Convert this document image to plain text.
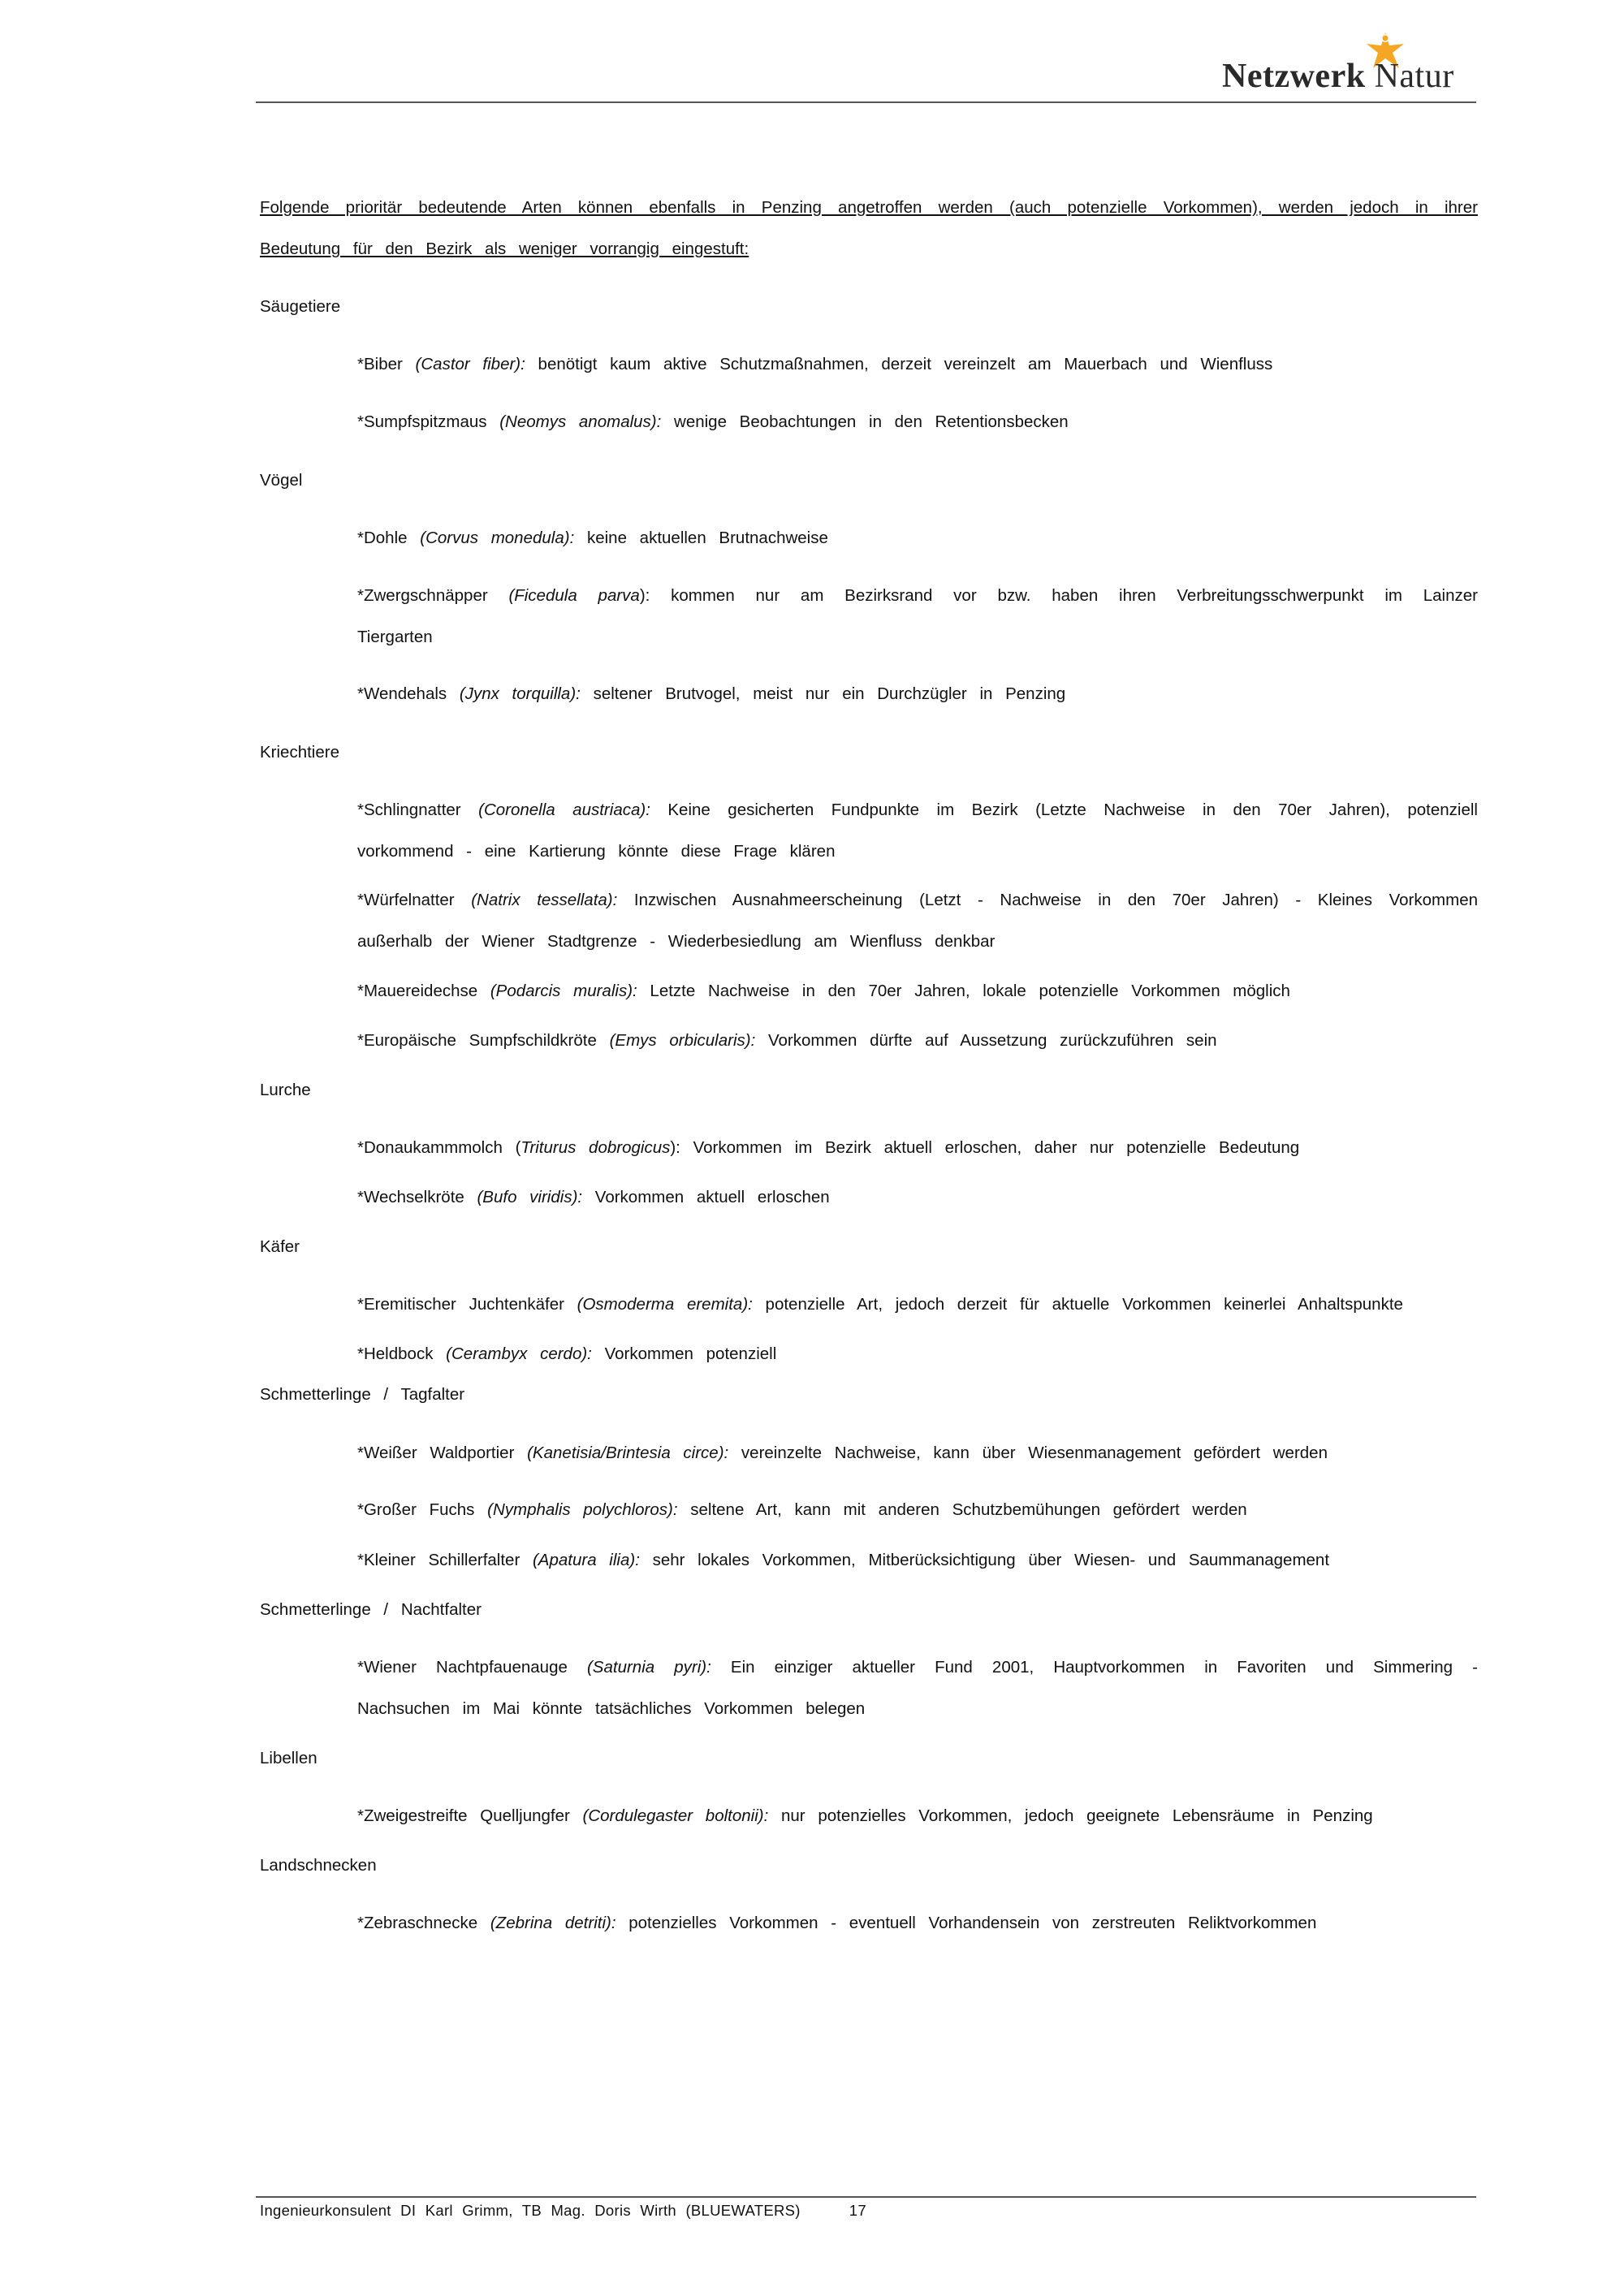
Netzwerk Natur
Folgende prioritär bedeutende Arten können ebenfalls in Penzing angetroffen werden (auch potenzielle Vorkommen), werden jedoch in ihrer
Bedeutung für den Bezirk als weniger vorrangig eingestuft:
Säugetiere
*Biber (Castor fiber): benötigt kaum aktive Schutzmaßnahmen, derzeit vereinzelt am Mauerbach und Wienfluss
*Sumpfspitzmaus (Neomys anomalus): wenige Beobachtungen in den Retentionsbecken
Vögel
*Dohle (Corvus monedula): keine aktuellen Brutnachweise
*Zwergschnäpper (Ficedula parva): kommen nur am Bezirksrand vor bzw. haben ihren Verbreitungsschwerpunkt im Lainzer
Tiergarten
*Wendehals (Jynx torquilla): seltener Brutvogel, meist nur ein Durchzügler in Penzing
Kriechtiere
*Schlingnatter (Coronella austriaca): Keine gesicherten Fundpunkte im Bezirk (Letzte Nachweise in den 70er Jahren), potenziell
vorkommend - eine Kartierung könnte diese Frage klären
*Würfelnatter (Natrix tessellata): Inzwischen Ausnahmeerscheinung (Letzt - Nachweise in den 70er Jahren) - Kleines Vorkommen
außerhalb der Wiener Stadtgrenze - Wiederbesiedlung am Wienfluss denkbar
*Mauereidechse (Podarcis muralis): Letzte Nachweise in den 70er Jahren, lokale potenzielle Vorkommen möglich
*Europäische Sumpfschildkröte (Emys orbicularis): Vorkommen dürfte auf Aussetzung zurückzuführen sein
Lurche
*Donaukammmolch (Triturus dobrogicus): Vorkommen im Bezirk aktuell erloschen, daher nur potenzielle Bedeutung
*Wechselkröte (Bufo viridis): Vorkommen aktuell erloschen
Käfer
*Eremitischer Juchtenkäfer (Osmoderma eremita): potenzielle Art, jedoch derzeit für aktuelle Vorkommen keinerlei Anhaltspunkte
*Heldbock (Cerambyx cerdo): Vorkommen potenziell
Schmetterlinge / Tagfalter
*Weißer Waldportier (Kanetisia/Brintesia circe): vereinzelte Nachweise, kann über Wiesenmanagement gefördert werden
*Großer Fuchs (Nymphalis polychloros): seltene Art, kann mit anderen Schutzbemühungen gefördert werden
*Kleiner Schillerfalter (Apatura ilia): sehr lokales Vorkommen, Mitberücksichtigung über Wiesen- und Saummanagement
Schmetterlinge / Nachtfalter
*Wiener Nachtpfauenauge (Saturnia pyri): Ein einziger aktueller Fund 2001, Hauptvorkommen in Favoriten und Simmering -
Nachsuchen im Mai könnte tatsächliches Vorkommen belegen
Libellen
*Zweigestreifte Quelljungfer (Cordulegaster boltonii): nur potenzielles Vorkommen, jedoch geeignete Lebensräume in Penzing
Landschnecken
*Zebraschnecke (Zebrina detriti): potenzielles Vorkommen - eventuell Vorhandensein von zerstreuten Reliktvorkommen
Ingenieurkonsulent DI Karl Grimm, TB Mag. Doris Wirth (BLUEWATERS)	17
